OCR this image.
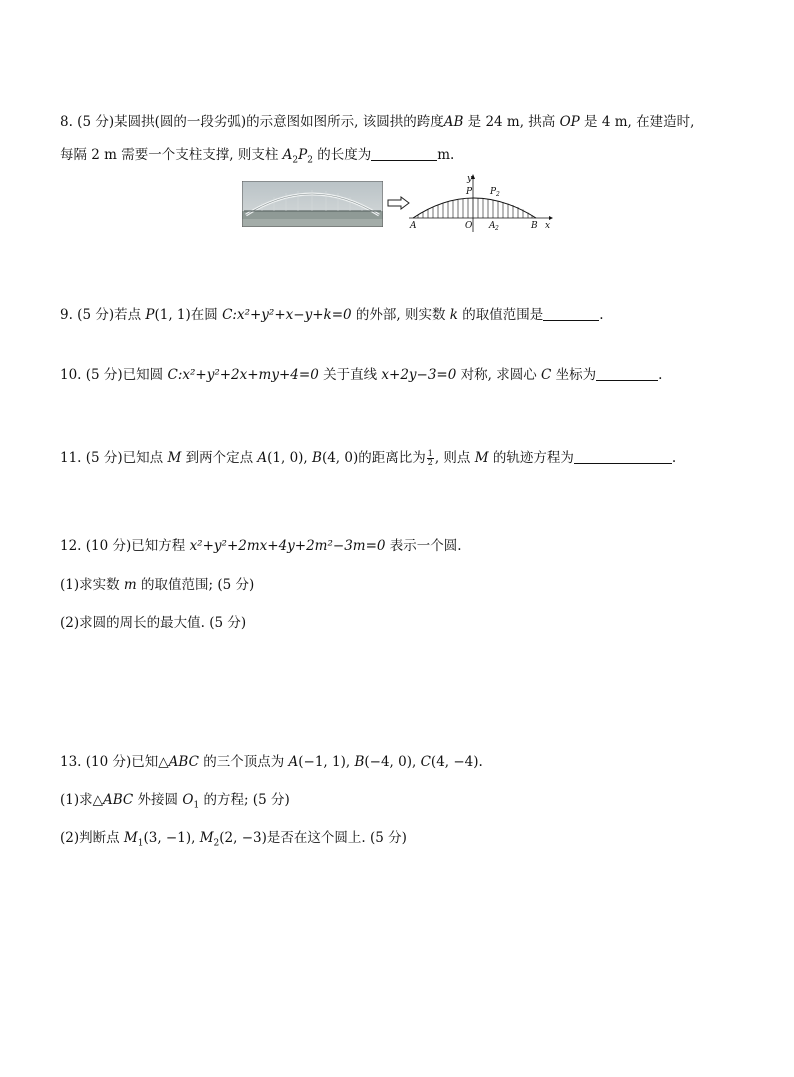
8. (5 分)某圆拱(圆的一段劣弧)的示意图如图所示, 该圆拱的跨度AB 是 24 m, 拱高 OP 是 4 m, 在建造时,
每隔 2 m 需要一个支柱支撑, 则支柱 $A_2P_2$ 的长度为	m.
y
P P2
A	O A2	B x
9. (5 分)若点 P(1, 1)在圆 C:x²+y²+x−y+k=0 的外部, 则实数 k 的取值范围是	.
10. (5 分)已知圆 C:x²+y²+2x+my+4=0 关于直线 x+2y−3=0 对称, 求圆心 C 坐标为	.
11. (5 分)已知点 M 到两个定点 A(1, 0), B(4, 0)的距离比为 $\frac{1}{2}$ , 则点 M 的轨迹方程为	.
12. (10 分)已知方程 x²+y²+2mx+4y+2m²−3m=0 表示一个圆.
(1)求实数 m 的取值范围; (5 分)
(2)求圆的周长的最大值. (5 分)
13. (10 分)已知△ABC 的三个顶点为 A(−1, 1), B(−4, 0), C(4, −4).
(1)求△ABC 外接圆 $O_1$ 的方程; (5 分)
(2)判断点 $M_1(3$, −1), $M_2(2$, −3)是否在这个圆上. (5 分)
